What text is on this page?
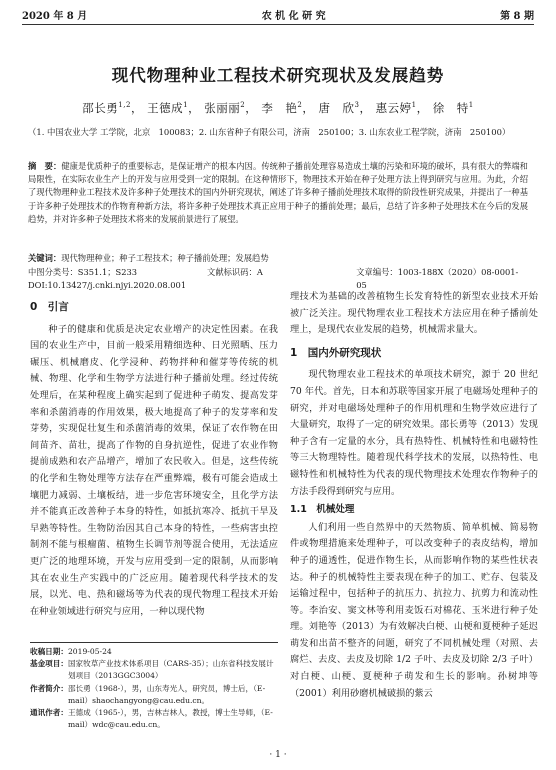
2020 年 8 月	农 机 化 研 究	第 8 期
现代物理种业工程技术研究现状及发展趋势
邵长勇$^{1,2}$， 王德成$^1$， 张丽丽$^2$， 李　艳$^2$， 唐　欣$^3$， 惠云婷$^1$， 徐　特$^1$
（1. 中国农业大学 工学院，北京　100083；2. 山东省种子有限公司，济南　250100；3. 山东农业工程学院，济南　250100）
摘　要：健康是优质种子的重要标志，是保证增产的根本内因。传统种子播前处理容易造成土壤的污染和环境的破坏，具有很大的弊端和局限性，在实际农业生产上的开发与应用受到一定的限制。在这种情形下，物理技术开始在种子处理方法上得到研究与应用。为此，介绍了现代物理种业工程技术及许多种子处理技术的国内外研究现状，阐述了许多种子播前处理技术取得的阶段性研究成果，并提出了一种基于许多种子处理技术的作物育种新方法，将许多种子处理技术真正应用于种子的播前处理；最后，总结了许多种子处理技术在今后的发展趋势，并对许多种子处理技术将来的发展前景进行了展望。
关键词：现代物理种业；种子工程技术；种子播前处理；发展趋势
中图分类号：S351.1；S233	文献标识码：A	文章编号：1003-188X（2020）08-0001-05
DOI:10.13427/j.cnki.njyi.2020.08.001
0　引言

种子的健康和优质是决定农业增产的决定性因素。在我国的农业生产中，目前一般采用精细选种、日光照晒、压力碾压、机械磨皮、化学浸种、药物拌种和催芽等传统的机械、物理、化学和生物学方法进行种子播前处理。经过传统处理后，在某种程度上确实起到了促进种子萌发、提高发芽率和杀菌消毒的作用效果，极大地提高了种子的发芽率和发芽势，实现促壮复生和杀菌消毒的效果，保证了农作物在田间苗齐、苗壮，提高了作物的自身抗逆性，促进了农业作物提前成熟和农产品增产，增加了农民收入。但是，这些传统的化学和生物处理等方法存在严重弊端，极有可能会造成土壤肥力减弱、土壤板结，进一步危害环境安全，且化学方法并不能真正改善种子本身的特性，如抵抗寒冷、抵抗干旱及早熟等特性。生物防治因其自己本身的特性，一些病害虫控制剂不能与根瘤菌、植物生长调节剂等混合使用，无法适应更广泛的地理环境，开发与应用受到一定的限制，从而影响其在农业生产实践中的广泛应用。随着现代科学技术的发展，以光、电、热和磁场等为代表的现代物理工程技术开始在种业领域进行研究与应用，一种以现代物

理技术为基础的改善植物生长发育特性的新型农业技术开始被广泛关注。现代物理农业工程技术方法应用在种子播前处理上，是现代农业发展的趋势，机械需求量大。

1　国内外研究现状

现代物理农业工程技术的单项技术研究，源于 20 世纪 70 年代。首先，日本和苏联等国家开展了电磁场处理种子的研究，并对电磁场处理种子的作用机理和生物学效应进行了大量研究，取得了一定的研究效果。邵长勇等（2013）发现种子含有一定量的水分，具有热特性、机械特性和电磁特性等三大物理特性。随着现代科学技术的发展，以热特性、电磁特性和机械特性为代表的现代物理技术处理农作物种子的方法手段得到研究与应用。

1.1　机械处理

人们利用一些自然界中的天然物质、简单机械、简易物件或物理措施来处理种子，可以改变种子的表皮结构，增加种子的通透性，促进作物生长，从而影响作物的某些性状表达。种子的机械特性主要表现在种子的加工、贮存、包装及运输过程中，包括种子的抗压力、抗拉力、抗剪力和流动性等。李治安、窦文林等利用麦饭石对棉花、玉米进行种子处理。刘艳等（2013）为有效解决白梗、山梗和夏梗种子延迟萌发和出苗不整齐的问题，研究了不同机械处理（对照、去腐烂、去皮、去皮及切除 1/2 子叶、去皮及切除 2/3 子叶）对白梗、山梗、夏梗种子萌发和生长的影响。孙树坤等（2001）利用砂磨机械破损的紫云

收稿日期： 2019-05-24
基金项目： 国家牧草产业技术体系项目（CARS-35）；山东省科技发展计划项目（2013GGC3004）
作者简介： 邵长勇（1968-），男，山东寿光人，研究员，博士后，（E-mail）shaochangyong@cau.edu.cn。
通讯作者： 王德成（1965-），男，吉林吉林人，教授，博士生导师，（E-mail）wdc@cau.edu.cn。
· 1 ·
